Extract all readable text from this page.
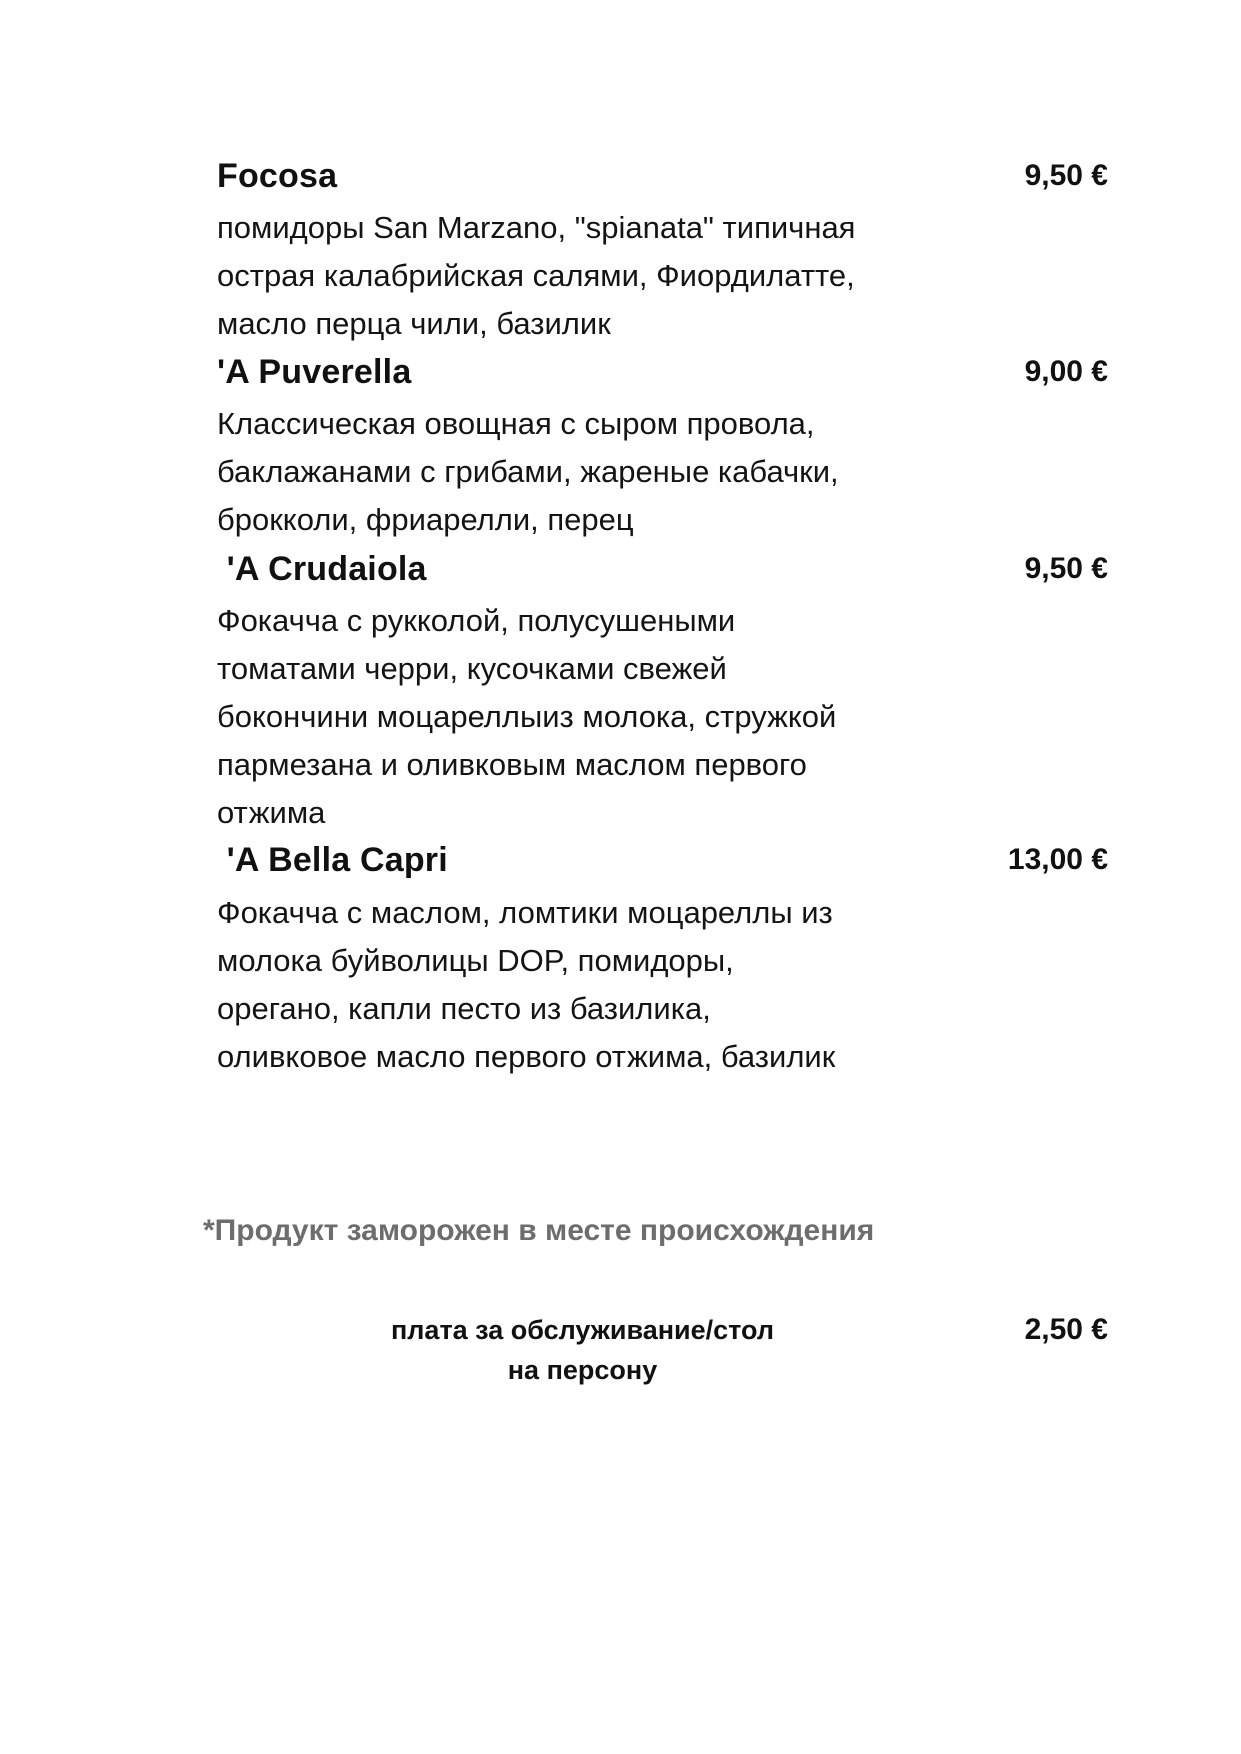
Focosa	9,50 €
помидоры San Marzano, "spianata" типичная
острая калабрийская салями, Фиордилатте,
масло перца чили, базилик
'A Puverella	9,00 €
Классическая овощная с сыром провола,
баклажанами с грибами, жареные кабачки,
брокколи, фриарелли, перец
'A Crudaiola	9,50 €
Фокачча с рукколой, полусушеными
томатами черри, кусочками свежей
бокончини моцареллыиз молока, стружкой
пармезана и оливковым маслом первого
отжима
'A Bella Capri	13,00 €
Фокачча с маслом, ломтики моцареллы из
молока буйволицы DOP, помидоры,
орегано, капли песто из базилика,
оливковое масло первого отжима, базилик
*Продукт заморожен в месте происхождения
плата за обслуживание/стол
на персону
2,50 €
